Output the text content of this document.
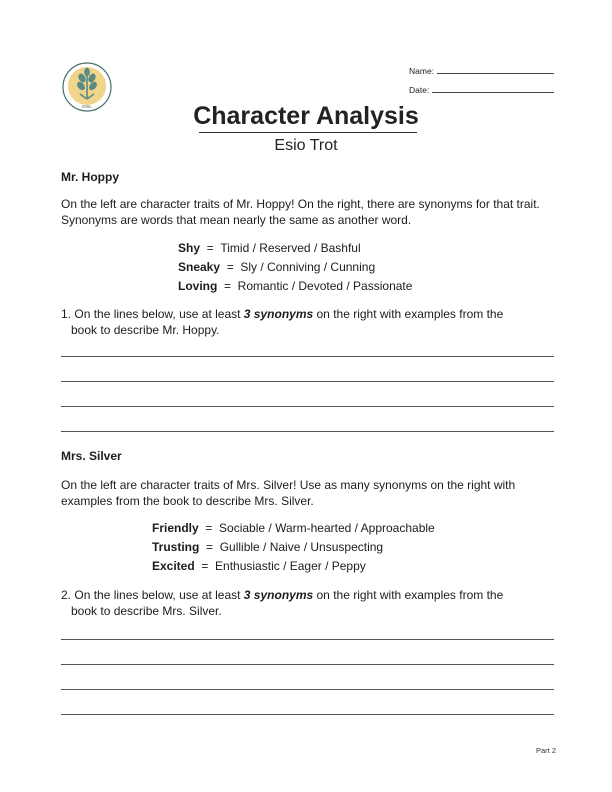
EWL
Name:
Date:
Character Analysis
Esio Trot
Mr. Hoppy
On the left are character traits of Mr. Hoppy! On the right, there are synonyms for that trait. Synonyms are words that mean nearly the same as another word.
Shy  =  Timid / Reserved / Bashful
Sneaky  =  Sly / Conniving / Cunning
Loving  =  Romantic / Devoted / Passionate
1. On the lines below, use at least 3 synonyms on the right with examples from the
book to describe Mr. Hoppy.
Mrs. Silver
On the left are character traits of Mrs. Silver! Use as many synonyms on the right with examples from the book to describe Mrs. Silver.
Friendly  =  Sociable / Warm-hearted / Approachable
Trusting  =  Gullible / Naive / Unsuspecting
Excited  =  Enthusiastic / Eager / Peppy
2. On the lines below, use at least 3 synonyms on the right with examples from the
book to describe Mrs. Silver.
Part 2
